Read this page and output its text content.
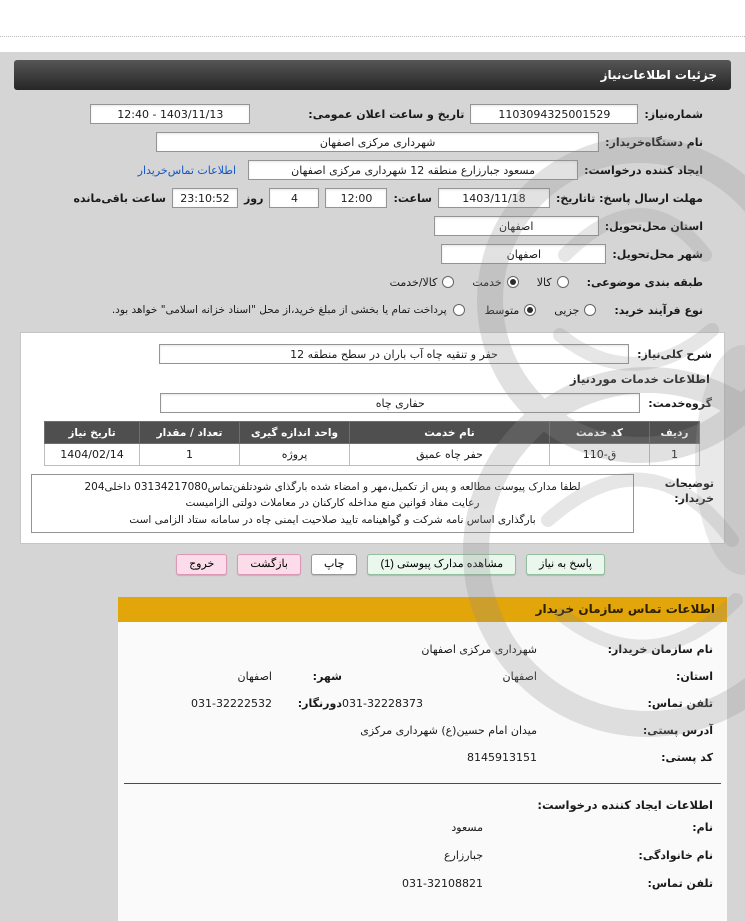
جزئیات اطلاعات‌نیاز
شماره‌نیاز:
1103094325001529
تاریخ و ساعت اعلان عمومی:
1403/11/13 - 12:40
نام دستگاه‌خریدار:
شهرداری مرکزی اصفهان
ایجاد کننده درخواست:
مسعود جبارزارع منطقه 12 شهرداری مرکزی اصفهان
اطلاعات تماس‌خریدار
مهلت ارسال پاسخ: تاتاریخ:
1403/11/18
ساعت:
12:00
4
روز
23:10:52
ساعت باقی‌مانده
استان محل‌تحویل:
اصفهان
شهر محل‌تحویل:
اصفهان
طبقه بندی موضوعی:
کالا
خدمت
کالا/خدمت
نوع فرآیند خرید:
جزیی
متوسط
پرداخت تمام یا بخشی از مبلغ خرید،از محل "اسناد خزانه اسلامی" خواهد بود.
شرح کلی‌نیاز:
حفر و تنقیه چاه آب باران در سطح منطقه 12
اطلاعات خدمات موردنیاز
گروه‌خدمت:
حفاری چاه
ردیف	کد خدمت	نام خدمت	واحد اندازه گیری	تعداد / مقدار	تاریخ نیاز
1	ق-110	حفر چاه عمیق	پروژه	1	1404/02/14
توضیحات خریدار:
لطفا مدارک پیوست مطالعه و پس از تکمیل،مهر و امضاء شده بارگذای شودتلفن‌تماس03134217080 داخلی204
رعایت مفاد قوانین منع مداخله کارکنان در معاملات دولتی الزامیست
بارگذاری اساس نامه شرکت و گواهینامه تایید صلاحیت ایمنی چاه در سامانه ستاد الزامی است
پاسخ به نیاز
مشاهده مدارک پیوستی (1)
چاپ
بازگشت
خروج
اطلاعات تماس سازمان خریدار
نام سازمان خریدار:
شهرداری مرکزی اصفهان
استان:
اصفهان
شهر:
اصفهان
تلفن تماس:
031-32228373
دورنگار:
031-32222532
آدرس پستی:
میدان امام حسین(ع) شهرداری مرکزی
کد پستی:
8145913151
اطلاعات ایجاد کننده درخواست:
نام:
مسعود
نام خانوادگی:
جبارزارع
تلفن تماس:
031-32108821
